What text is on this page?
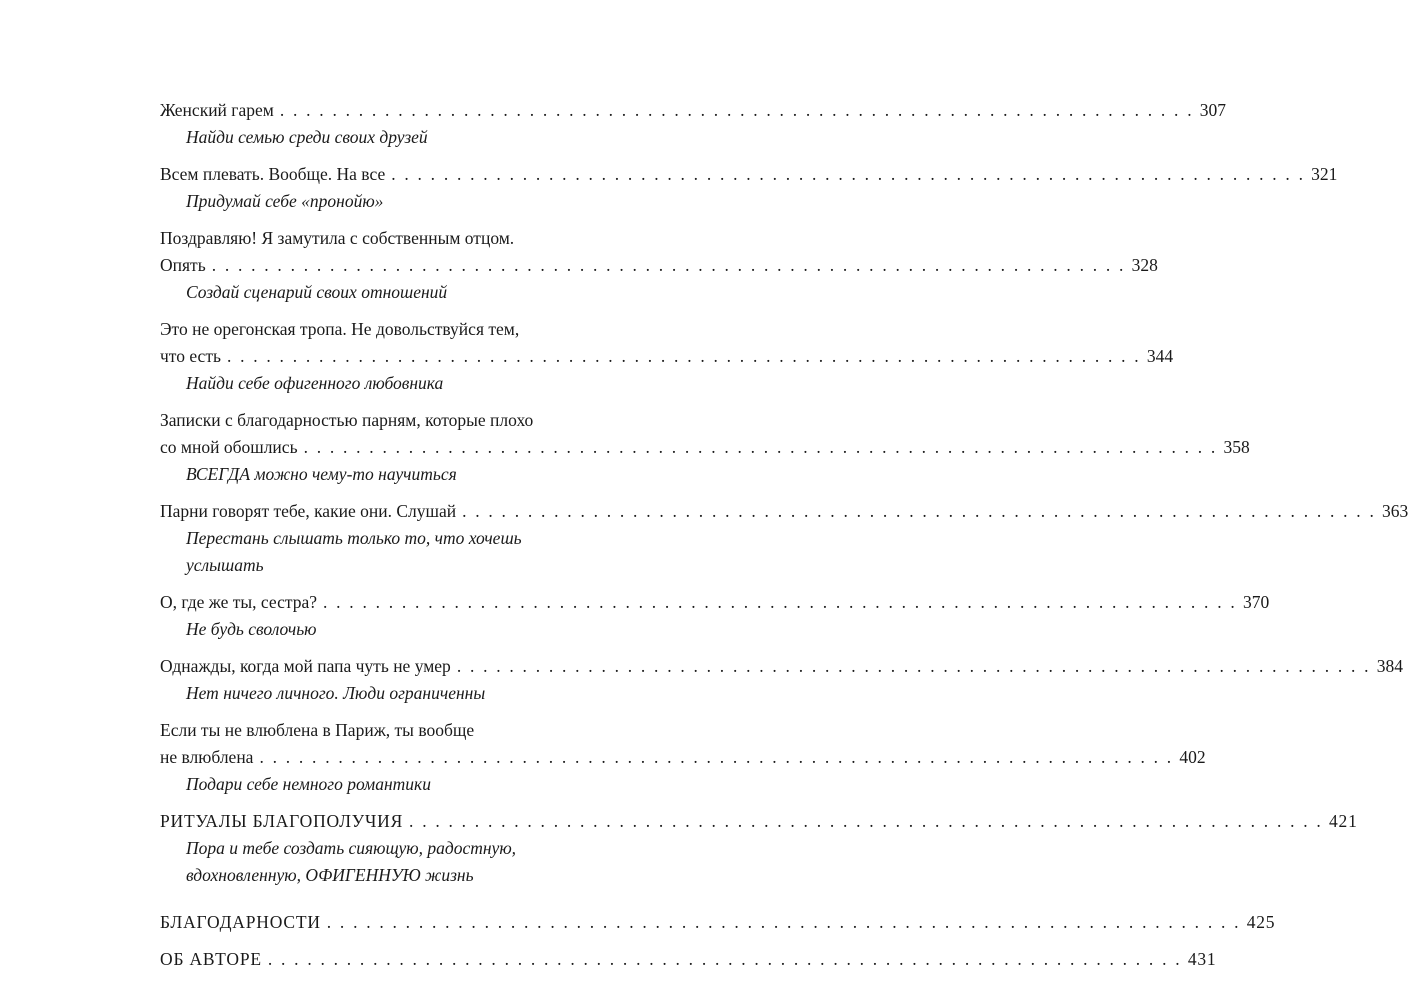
Женский гарем . . . . . . . . . . . . . . . . . . . . . . . . . . . . . . . . . . . . . . . . . . . . . . . . . . . . . . . . . . . . . . . . . . . . . . 307
Найди семью среди своих друзей
Всем плевать. Вообще. На все . . . . . . . . . . . . . . . . . . . . . . . . . . . . . . . . . . . . . . . . . . . . . . . . . . . . . . . . . . . . . . . . . . . . . . 321
Придумай себе «пронойю»
Поздравляю! Я замутила с собственным отцом.
Опять . . . . . . . . . . . . . . . . . . . . . . . . . . . . . . . . . . . . . . . . . . . . . . . . . . . . . . . . . . . . . . . . . . . . . . 328
Создай сценарий своих отношений
Это не орегонская тропа. Не довольствуйся тем,
что есть . . . . . . . . . . . . . . . . . . . . . . . . . . . . . . . . . . . . . . . . . . . . . . . . . . . . . . . . . . . . . . . . . . . . . . 344
Найди себе офигенного любовника
Записки с благодарностью парням, которые плохо
со мной обошлись . . . . . . . . . . . . . . . . . . . . . . . . . . . . . . . . . . . . . . . . . . . . . . . . . . . . . . . . . . . . . . . . . . . . . . 358
ВСЕГДА можно чему-то научиться
Парни говорят тебе, какие они. Слушай . . . . . . . . . . . . . . . . . . . . . . . . . . . . . . . . . . . . . . . . . . . . . . . . . . . . . . . . . . . . . . . . . . . . . . 363
Перестань слышать только то, что хочешь
услышать
О, где же ты, сестра? . . . . . . . . . . . . . . . . . . . . . . . . . . . . . . . . . . . . . . . . . . . . . . . . . . . . . . . . . . . . . . . . . . . . . . 370
Не будь сволочью
Однажды, когда мой папа чуть не умер . . . . . . . . . . . . . . . . . . . . . . . . . . . . . . . . . . . . . . . . . . . . . . . . . . . . . . . . . . . . . . . . . . . . . . 384
Нет ничего личного. Люди ограниченны
Если ты не влюблена в Париж, ты вообще
не влюблена . . . . . . . . . . . . . . . . . . . . . . . . . . . . . . . . . . . . . . . . . . . . . . . . . . . . . . . . . . . . . . . . . . . . . . 402
Подари себе немного романтики
РИТУАЛЫ БЛАГОПОЛУЧИЯ . . . . . . . . . . . . . . . . . . . . . . . . . . . . . . . . . . . . . . . . . . . . . . . . . . . . . . . . . . . . . . . . . . . . . . 421
Пора и тебе создать сияющую, радостную,
вдохновленную, ОФИГЕННУЮ жизнь
БЛАГОДАРНОСТИ . . . . . . . . . . . . . . . . . . . . . . . . . . . . . . . . . . . . . . . . . . . . . . . . . . . . . . . . . . . . . . . . . . . . . . 425
ОБ АВТОРЕ . . . . . . . . . . . . . . . . . . . . . . . . . . . . . . . . . . . . . . . . . . . . . . . . . . . . . . . . . . . . . . . . . . . . . . 431
